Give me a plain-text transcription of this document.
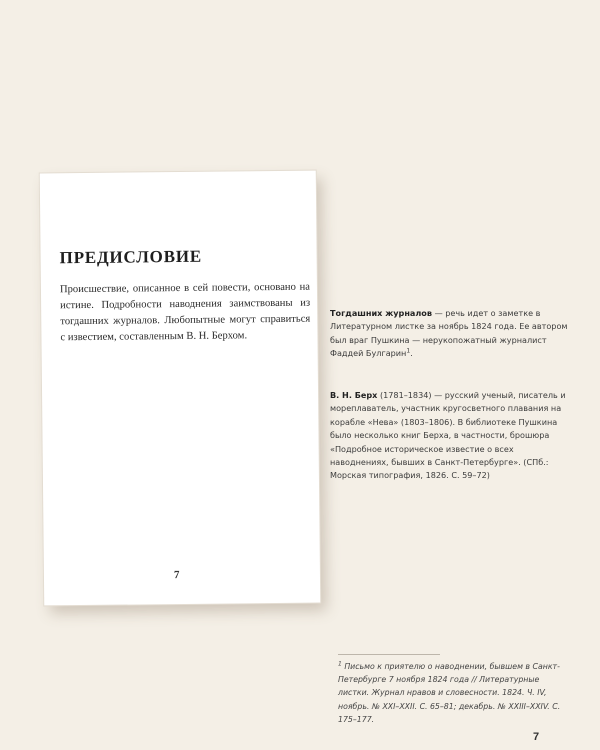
ПРЕДИСЛОВИЕ
Происшествие, описанное в сей повести, основано на истине. Подробности наводнения заимствованы из тогдашних журналов. Любопытные могут справиться с известием, составленным В. Н. Берхом.
7
Тогдашних журналов — речь идет о заметке в Литературном листке за ноябрь 1824 года. Ее автором был враг Пушкина — нерукопожатный журналист Фаддей Булгарин$^1$.
В. Н. Берх (1781–1834) — русский ученый, писатель и мореплаватель, участник кругосветного плавания на корабле «Нева» (1803–1806). В библиотеке Пушкина было несколько книг Берха, в частности, брошюра «Подробное историческое известие о всех наводнениях, бывших в Санкт-Петербурге». (СПб.: Морская типография, 1826. С. 59–72)
$^1$ Письмо к приятелю о наводнении, бывшем в Санкт-Петербурге 7 ноября 1824 года // Литературные листки. Журнал нравов и словесности. 1824. Ч. IV, ноябрь. № XXI–XXII. С. 65–81; декабрь. № XXIII–XXIV. С. 175–177.
7
